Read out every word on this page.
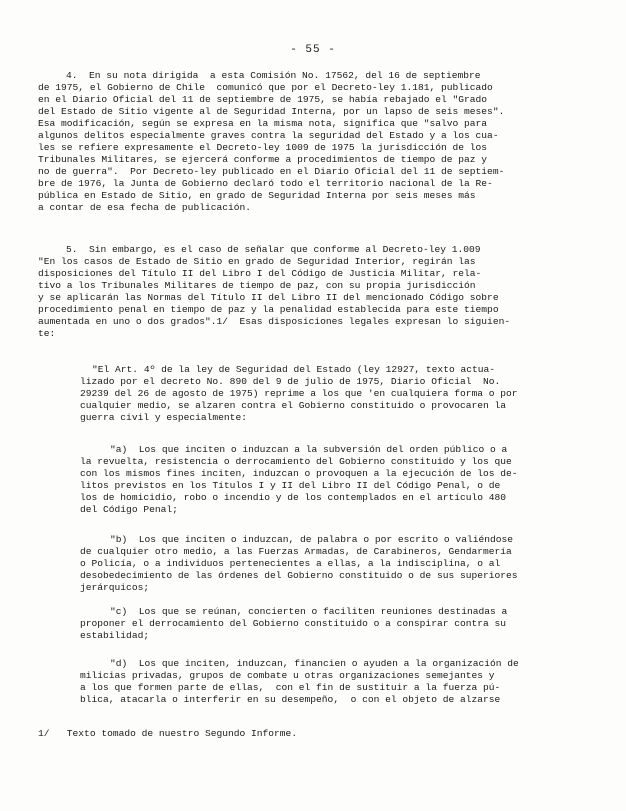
- 55 -
4.  En su nota dirigida  a esta Comisión No. 17562, del 16 de septiembre
de 1975, el Gobierno de Chile  comunicó que por el Decreto-ley 1.181, publicado
en el Diario Oficial del 11 de septiembre de 1975, se había rebajado el "Grado
del Estado de Sitio vigente al de Seguridad Interna, por un lapso de seis meses".
Esa modificación, según se expresa en la misma nota, significa que "salvo para
algunos delitos especialmente graves contra la seguridad del Estado y a los cua-
les se refiere expresamente el Decreto-ley 1009 de 1975 la jurisdicción de los
Tribunales Militares, se ejercerá conforme a procedimientos de tiempo de paz y
no de guerra".  Por Decreto-ley publicado en el Diario Oficial del 11 de septiem-
bre de 1976, la Junta de Gobierno declaró todo el territorio nacional de la Re-
pública en Estado de Sitio, en grado de Seguridad Interna por seis meses más
a contar de esa fecha de publicación.
5.  Sin embargo, es el caso de señalar que conforme al Decreto-ley 1.009
"En los casos de Estado de Sitio en grado de Seguridad Interior, regirán las
disposiciones del Título II del Libro I del Código de Justicia Militar, rela-
tivo a los Tribunales Militares de tiempo de paz, con su propia jurisdicción
y se aplicarán las Normas del Título II del Libro II del mencionado Código sobre
procedimiento penal en tiempo de paz y la penalidad establecida para este tiempo
aumentada en uno o dos grados".1/  Esas disposiciones legales expresan lo siguien-
te:
"El Art. 4º de la ley de Seguridad del Estado (ley 12927, texto actua-
lizado por el decreto No. 890 del 9 de julio de 1975, Diario Oficial  No.
29239 del 26 de agosto de 1975) reprime a los que 'en cualquiera forma o por
cualquier medio, se alzaren contra el Gobierno constituido o provocaren la
guerra civil y especialmente:
"a)  Los que inciten o induzcan a la subversión del orden público o a
la revuelta, resistencia o derrocamiento del Gobierno constituido y los que
con los mismos fines inciten, induzcan o provoquen a la ejecución de los de-
litos previstos en los Títulos I y II del Libro II del Código Penal, o de
los de homicidio, robo o incendio y de los contemplados en el artículo 480
del Código Penal;
"b)  Los que inciten o induzcan, de palabra o por escrito o valiéndose
de cualquier otro medio, a las Fuerzas Armadas, de Carabineros, Gendarmería
o Policía, o a individuos pertenecientes a ellas, a la indisciplina, o al
desobedecimiento de las órdenes del Gobierno constituido o de sus superiores
jerárquicos;
"c)  Los que se reúnan, concierten o faciliten reuniones destinadas a
proponer el derrocamiento del Gobierno constituido o a conspirar contra su
estabilidad;
"d)  Los que inciten, induzcan, financien o ayuden a la organización de
milicias privadas, grupos de combate u otras organizaciones semejantes y
a los que formen parte de ellas,  con el fin de sustituir a la fuerza pú-
blica, atacarla o interferir en su desempeño,  o con el objeto de alzarse
1/   Texto tomado de nuestro Segundo Informe.
